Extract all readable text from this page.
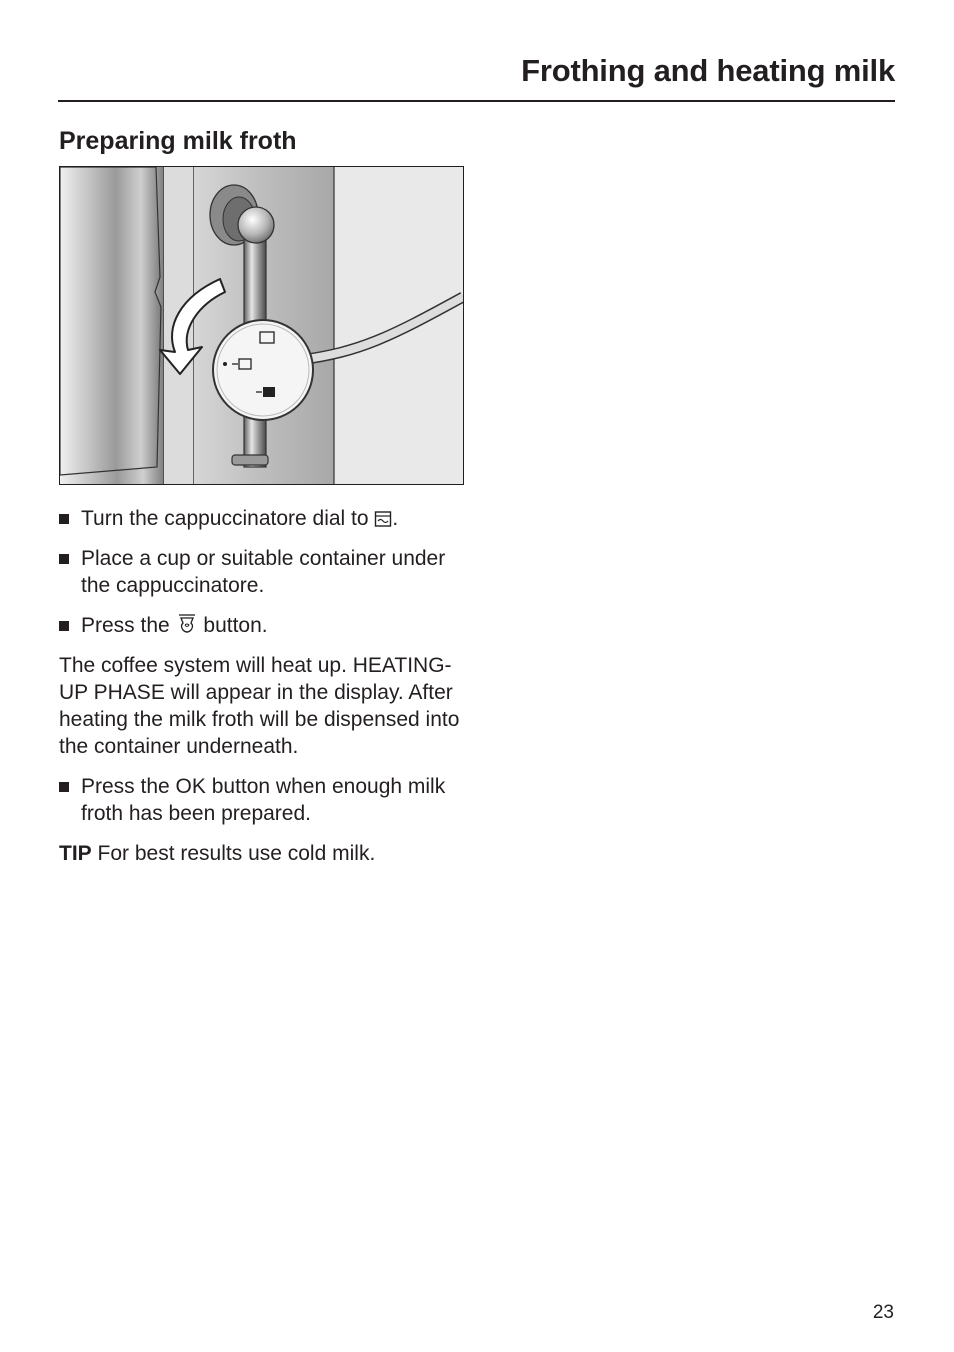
Frothing and heating milk
Preparing milk froth

Turn the cappuccinatore dial to .

Place a cup or suitable container under the cappuccinatore.

Press the button.

The coffee system will heat up. HEATING-UP PHASE will appear in the display. After heating the milk froth will be dispensed into the container underneath.

Press the OK button when enough milk froth has been prepared.

TIP For best results use cold milk.

23
